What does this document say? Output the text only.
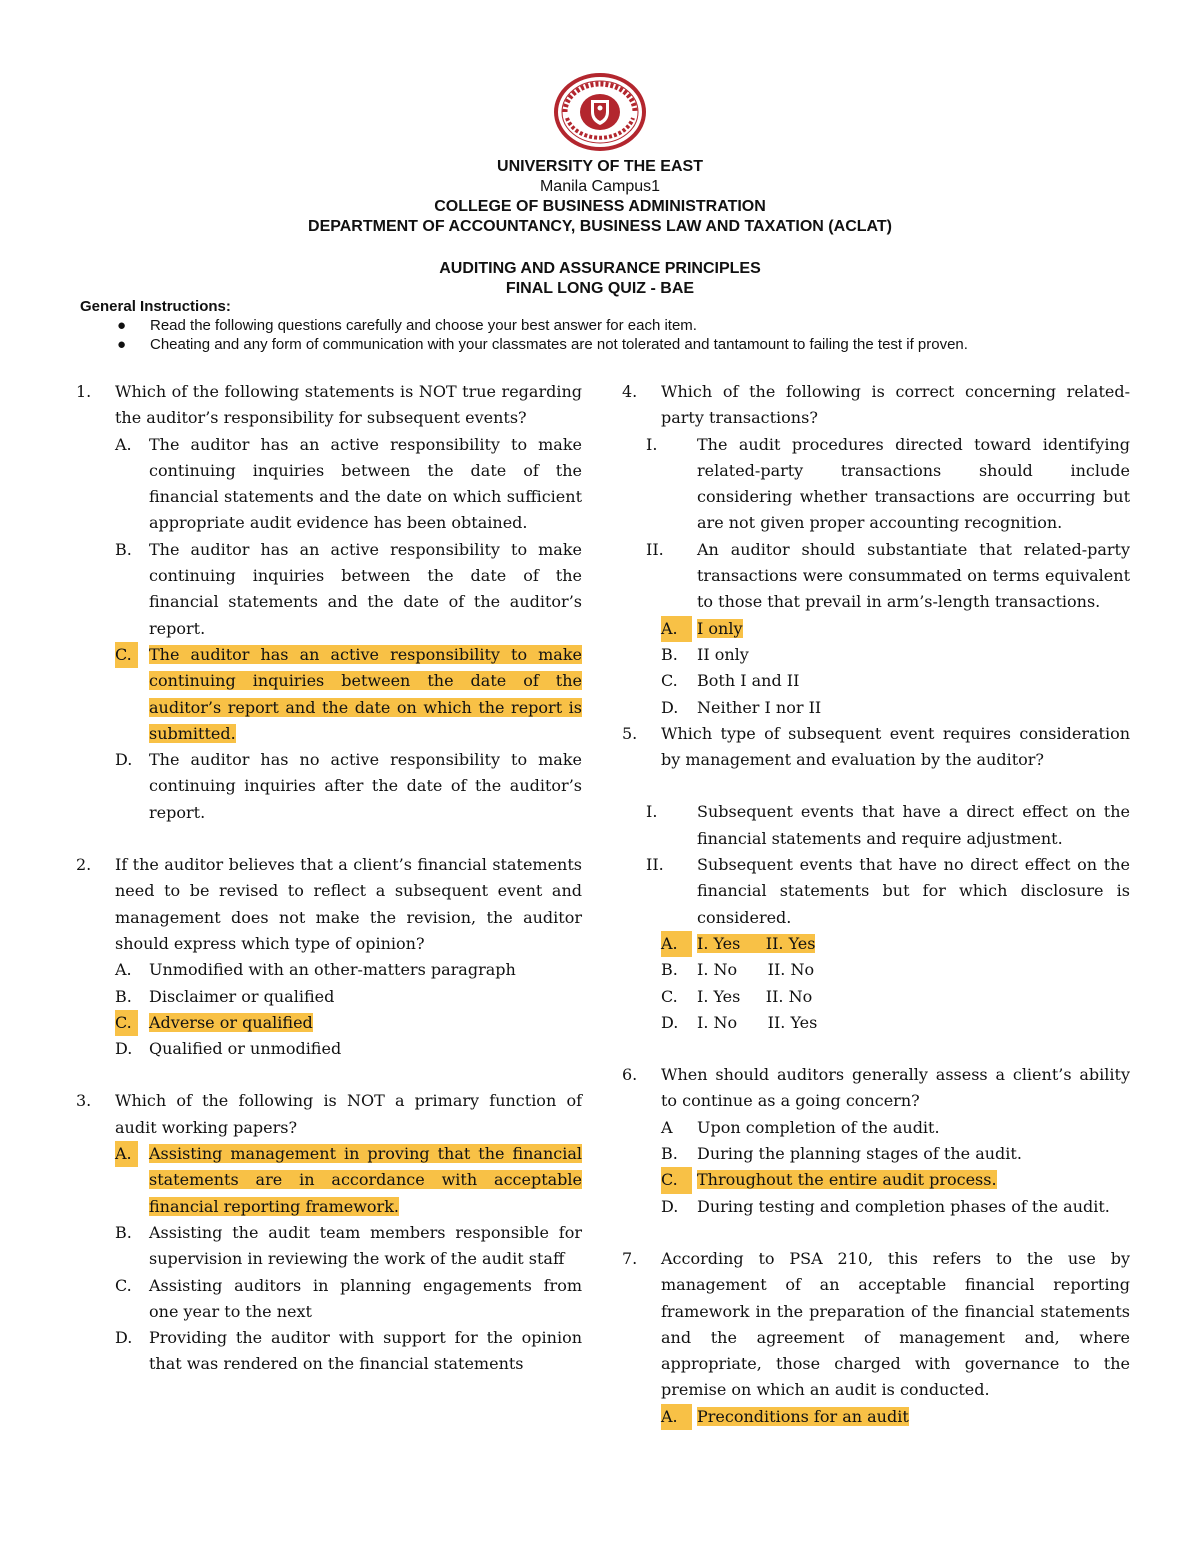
UNIVERSITY OF THE EAST
Manila Campus1
COLLEGE OF BUSINESS ADMINISTRATION
DEPARTMENT OF ACCOUNTANCY, BUSINESS LAW AND TAXATION (ACLAT)
AUDITING AND ASSURANCE PRINCIPLES
FINAL LONG QUIZ - BAE
General Instructions:
● Read the following questions carefully and choose your best answer for each item.
● Cheating and any form of communication with your classmates are not tolerated and tantamount to failing the test if proven.
1. Which of the following statements is NOT true regarding the auditor’s responsibility for subsequent events?
A. The auditor has an active responsibility to make continuing inquiries between the date of the financial statements and the date on which sufficient appropriate audit evidence has been obtained.
B. The auditor has an active responsibility to make continuing inquiries between the date of the financial statements and the date of the auditor’s report.
C.	The auditor has an active responsibility to make continuing inquiries between the date of the auditor’s report and the date on which the report is submitted.
D. The auditor has no active responsibility to make continuing inquiries after the date of the auditor’s report.
2. If the auditor believes that a client’s financial statements need to be revised to reflect a subsequent event and management does not make the revision, the auditor should express which type of opinion?
A. Unmodified with an other-matters paragraph
B. Disclaimer or qualified
C.	Adverse or qualified
D. Qualified or unmodified
3. Which of the following is NOT a primary function of audit working papers?
A.	Assisting management in proving that the financial statements are in accordance with acceptable financial reporting framework.
B. Assisting the audit team members responsible for supervision in reviewing the work of the audit staff
C. Assisting auditors in planning engagements from one year to the next
D. Providing the auditor with support for the opinion that was rendered on the financial statements
4. Which of the following is correct concerning related-party transactions?
I. The audit procedures directed toward identifying related-party transactions should include considering whether transactions are occurring but are not given proper accounting recognition.
II. An auditor should substantiate that related-party transactions were consummated on terms equivalent to those that prevail in arm’s-length transactions.
A.	I only
B. II only
C. Both I and II
D. Neither I nor II
5. Which type of subsequent event requires consideration by management and evaluation by the auditor?
I. Subsequent events that have a direct effect on the financial statements and require adjustment.
II. Subsequent events that have no direct effect on the financial statements but for which disclosure is considered.
A.	I. Yes     II. Yes
B. I. No      II. No
C. I. Yes     II. No
D. I. No      II. Yes
6. When should auditors generally assess a client’s ability to continue as a going concern?
A Upon completion of the audit.
B. During the planning stages of the audit.
C.	Throughout the entire audit process.
D. During testing and completion phases of the audit.
7. According to PSA 210, this refers to the use by management of an acceptable financial reporting framework in the preparation of the financial statements and the agreement of management and, where appropriate, those charged with governance to the premise on which an audit is conducted.
A.	Preconditions for an audit
